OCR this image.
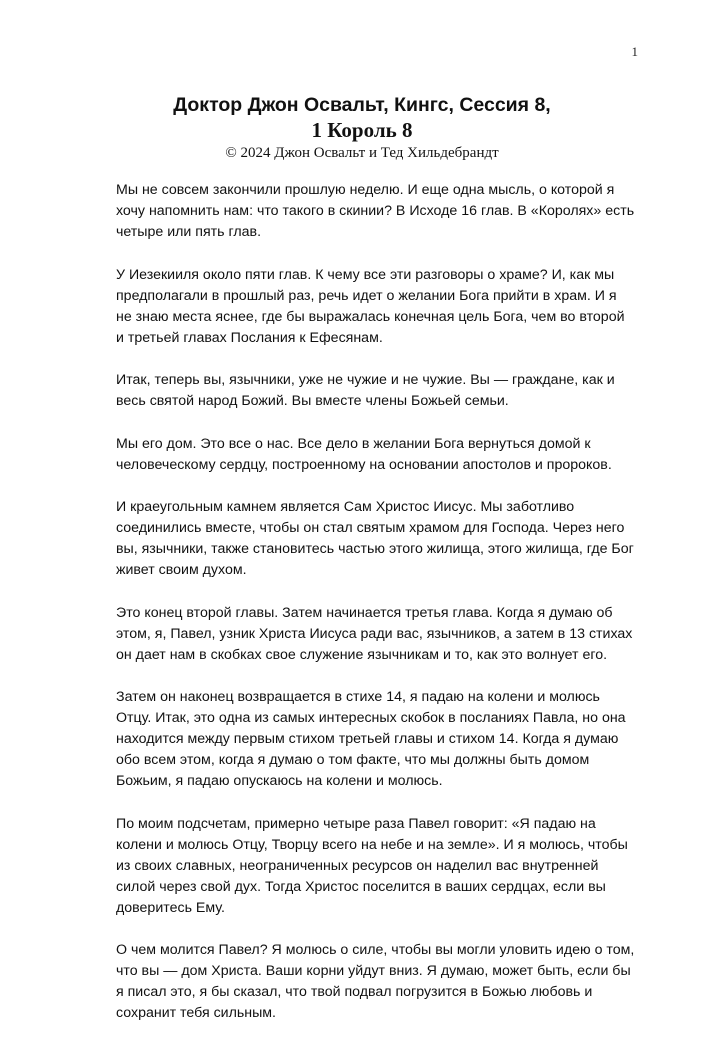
1
Доктор Джон Освальт, Кингс, Сессия 8,
1 Король 8
© 2024 Джон Освальт и Тед Хильдебрандт

Мы не совсем закончили прошлую неделю. И еще одна мысль, о которой я хочу напомнить нам: что такого в скинии? В Исходе 16 глав. В «Королях» есть четыре или пять глав.

У Иезекииля около пяти глав. К чему все эти разговоры о храме? И, как мы предполагали в прошлый раз, речь идет о желании Бога прийти в храм. И я не знаю места яснее, где бы выражалась конечная цель Бога, чем во второй и третьей главах Послания к Ефесянам.

Итак, теперь вы, язычники, уже не чужие и не чужие. Вы — граждане, как и весь святой народ Божий. Вы вместе члены Божьей семьи.

Мы его дом. Это все о нас. Все дело в желании Бога вернуться домой к человеческому сердцу, построенному на основании апостолов и пророков.

И краеугольным камнем является Сам Христос Иисус. Мы заботливо соединились вместе, чтобы он стал святым храмом для Господа. Через него вы, язычники, также становитесь частью этого жилища, этого жилища, где Бог живет своим духом.

Это конец второй главы. Затем начинается третья глава. Когда я думаю об этом, я, Павел, узник Христа Иисуса ради вас, язычников, а затем в 13 стихах он дает нам в скобках свое служение язычникам и то, как это волнует его.

Затем он наконец возвращается в стихе 14, я падаю на колени и молюсь Отцу. Итак, это одна из самых интересных скобок в посланиях Павла, но она находится между первым стихом третьей главы и стихом 14. Когда я думаю обо всем этом, когда я думаю о том факте, что мы должны быть домом Божьим, я падаю опускаюсь на колени и молюсь.

По моим подсчетам, примерно четыре раза Павел говорит: «Я падаю на колени и молюсь Отцу, Творцу всего на небе и на земле». И я молюсь, чтобы из своих славных, неограниченных ресурсов он наделил вас внутренней силой через свой дух. Тогда Христос поселится в ваших сердцах, если вы доверитесь Ему.

О чем молится Павел? Я молюсь о силе, чтобы вы могли уловить идею о том, что вы — дом Христа. Ваши корни уйдут вниз. Я думаю, может быть, если бы я писал это, я бы сказал, что твой подвал погрузится в Божью любовь и сохранит тебя сильным.
